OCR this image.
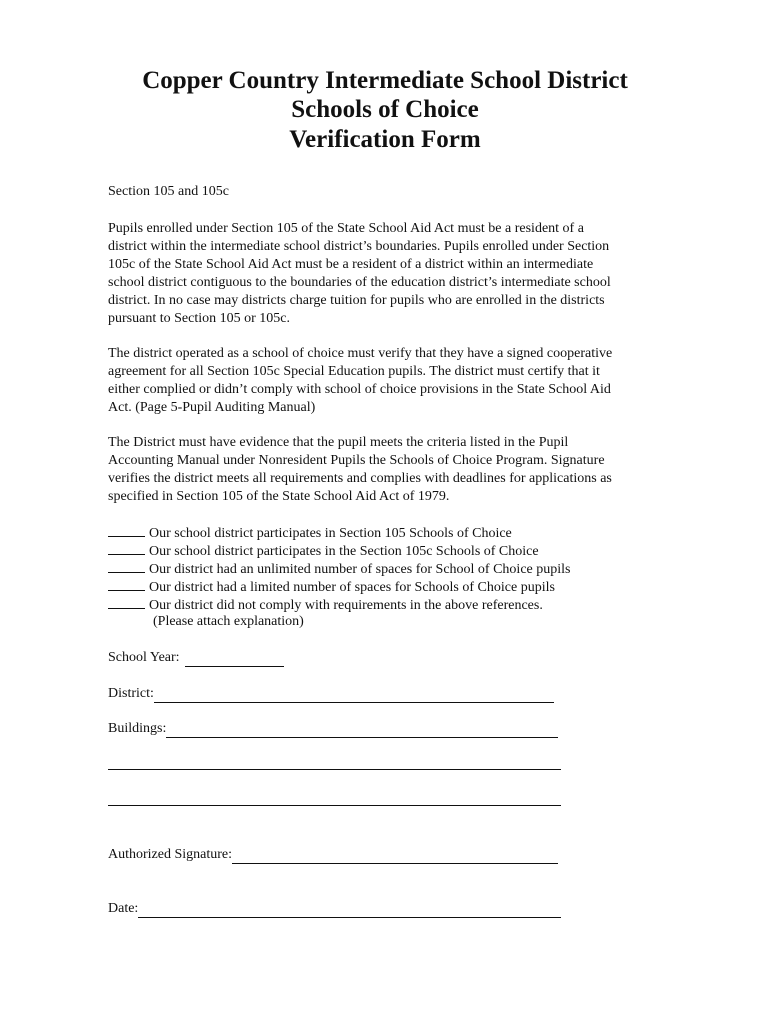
Copper Country Intermediate School District
Schools of Choice
Verification Form
Section 105 and 105c
Pupils enrolled under Section 105 of the State School Aid Act must be a resident of a
district within the intermediate school district’s boundaries. Pupils enrolled under Section
105c of the State School Aid Act must be a resident of a district within an intermediate
school district contiguous to the boundaries of the education district’s intermediate school
district. In no case may districts charge tuition for pupils who are enrolled in the districts
pursuant to Section 105 or 105c.
The district operated as a school of choice must verify that they have a signed cooperative
agreement for all Section 105c Special Education pupils. The district must certify that it
either complied or didn’t comply with school of choice provisions in the State School Aid
Act. (Page 5-Pupil Auditing Manual)
The District must have evidence that the pupil meets the criteria listed in the Pupil
Accounting Manual under Nonresident Pupils the Schools of Choice Program. Signature
verifies the district meets all requirements and complies with deadlines for applications as
specified in Section 105 of the State School Aid Act of 1979.
Our school district participates in Section 105 Schools of Choice
Our school district participates in the Section 105c Schools of Choice
Our district had an unlimited number of spaces for School of Choice pupils
Our district had a limited number of spaces for Schools of Choice pupils
Our district did not comply with requirements in the above references.
(Please attach explanation)
School Year:
District:
Buildings:
Authorized Signature:
Date:
